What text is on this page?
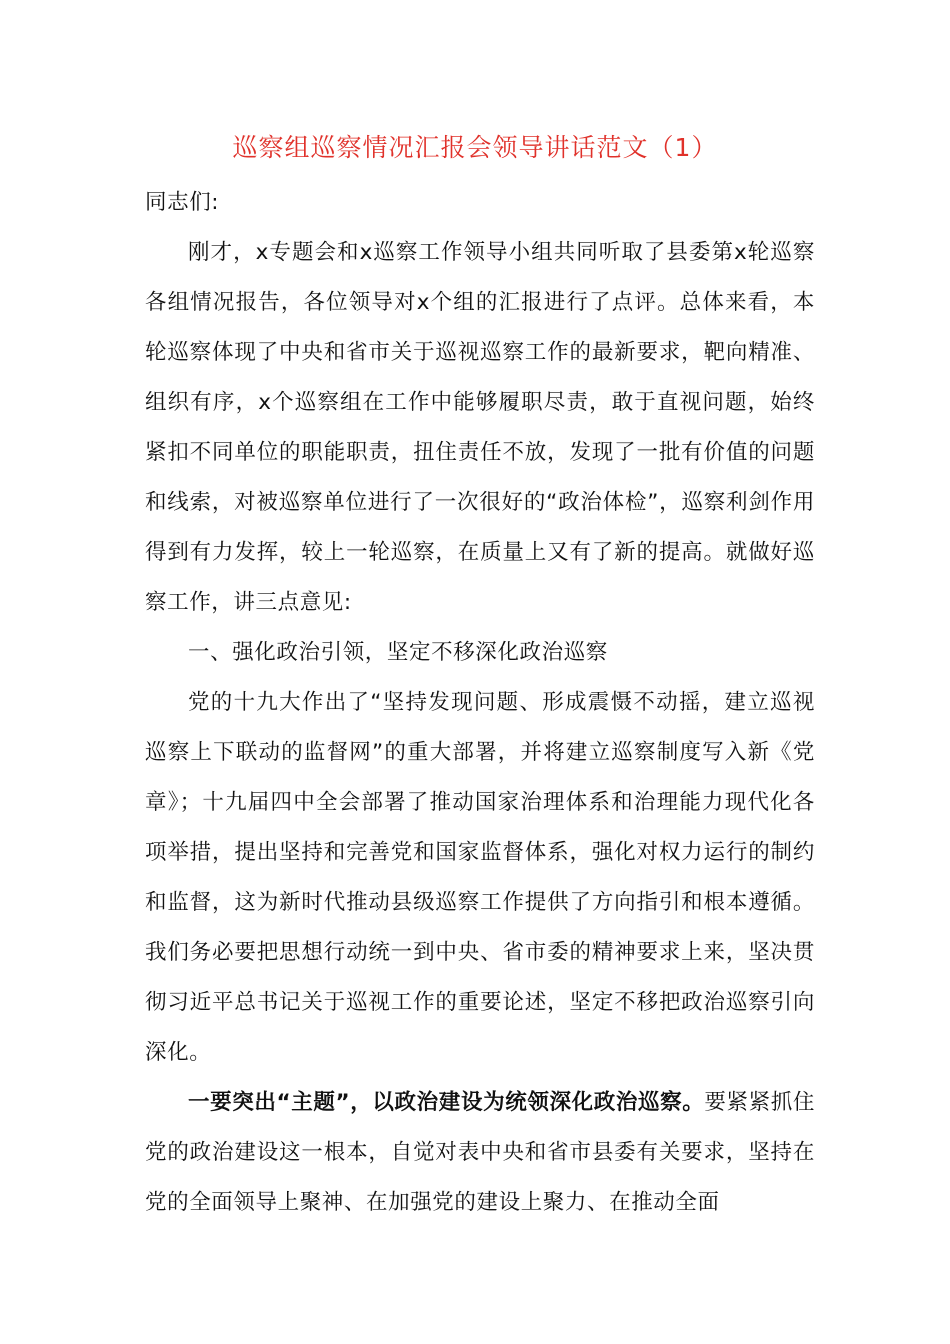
巡察组巡察情况汇报会领导讲话范文（1）

同志们:

刚才，x专题会和x巡察工作领导小组共同听取了县委第x轮巡察各组情况报告，各位领导对x个组的汇报进行了点评。总体来看，本轮巡察体现了中央和省市关于巡视巡察工作的最新要求，靶向精准、组织有序，x个巡察组在工作中能够履职尽责，敢于直视问题，始终紧扣不同单位的职能职责，扭住责任不放，发现了一批有价值的问题和线索，对被巡察单位进行了一次很好的“政治体检”，巡察利剑作用得到有力发挥，较上一轮巡察，在质量上又有了新的提高。就做好巡察工作，讲三点意见:

一、强化政治引领，坚定不移深化政治巡察

党的十九大作出了“坚持发现问题、形成震慑不动摇，建立巡视巡察上下联动的监督网”的重大部署，并将建立巡察制度写入新《党章》；十九届四中全会部署了推动国家治理体系和治理能力现代化各项举措，提出坚持和完善党和国家监督体系，强化对权力运行的制约和监督，这为新时代推动县级巡察工作提供了方向指引和根本遵循。我们务必要把思想行动统一到中央、省市委的精神要求上来，坚决贯彻习近平总书记关于巡视工作的重要论述，坚定不移把政治巡察引向深化。

一要突出“主题”，以政治建设为统领深化政治巡察。要紧紧抓住党的政治建设这一根本，自觉对表中央和省市县委有关要求，坚持在党的全面领导上聚神、在加强党的建设上聚力、在推动全面
